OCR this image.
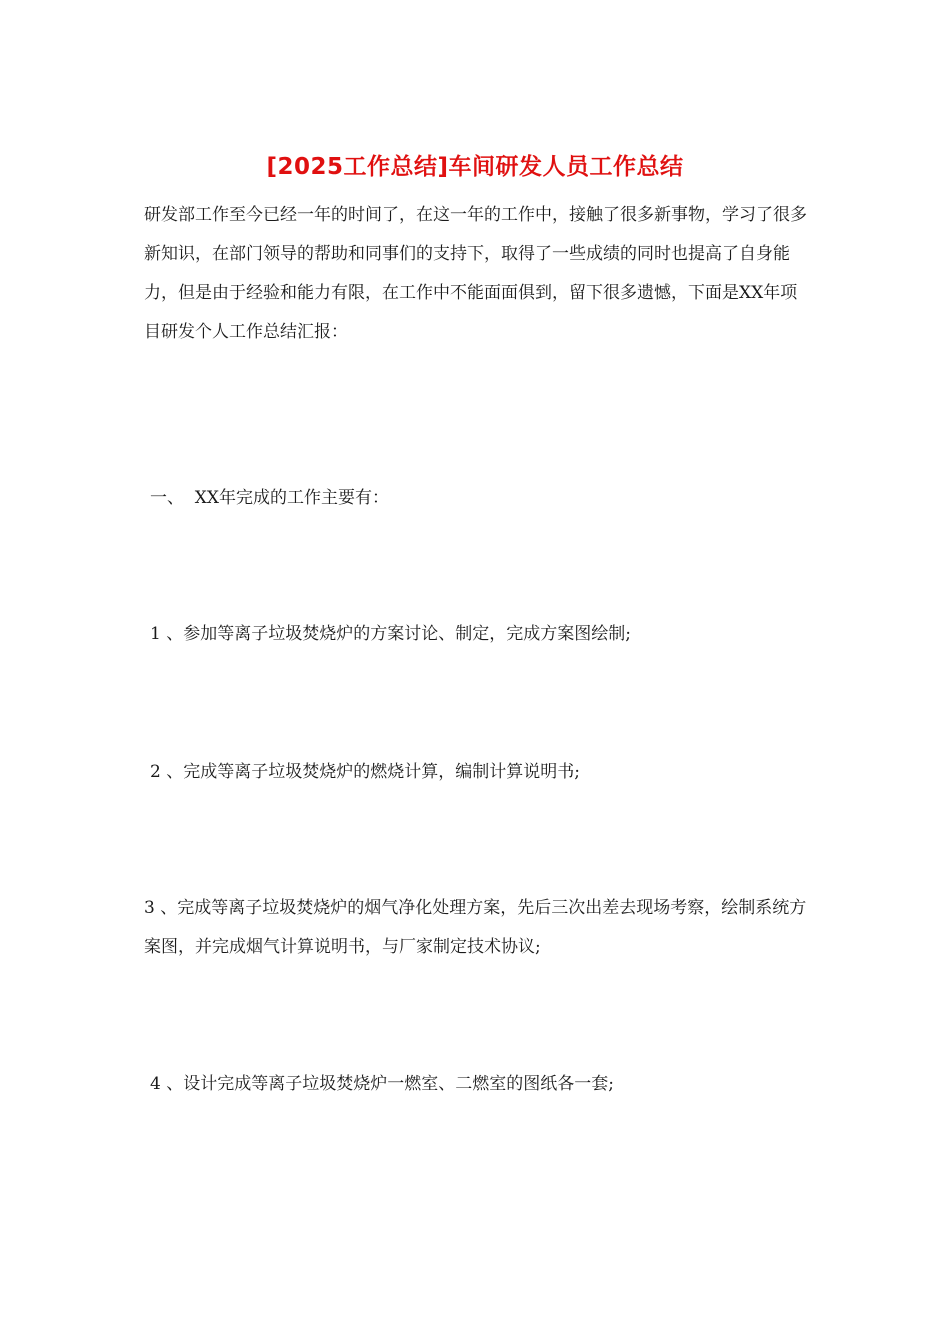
[2025工作总结]车间研发人员工作总结

研发部工作至今已经一年的时间了，在这一年的工作中，接触了很多新事物，学习了很多新知识，在部门领导的帮助和同事们的支持下，取得了一些成绩的同时也提高了自身能力，但是由于经验和能力有限，在工作中不能面面俱到，留下很多遗憾，下面是XX年项目研发个人工作总结汇报：

一、  XX年完成的工作主要有：

1 、参加等离子垃圾焚烧炉的方案讨论、制定，完成方案图绘制;

2 、完成等离子垃圾焚烧炉的燃烧计算，编制计算说明书;

3 、完成等离子垃圾焚烧炉的烟气净化处理方案，先后三次出差去现场考察，绘制系统方案图，并完成烟气计算说明书，与厂家制定技术协议;

4 、设计完成等离子垃圾焚烧炉一燃室、二燃室的图纸各一套;
